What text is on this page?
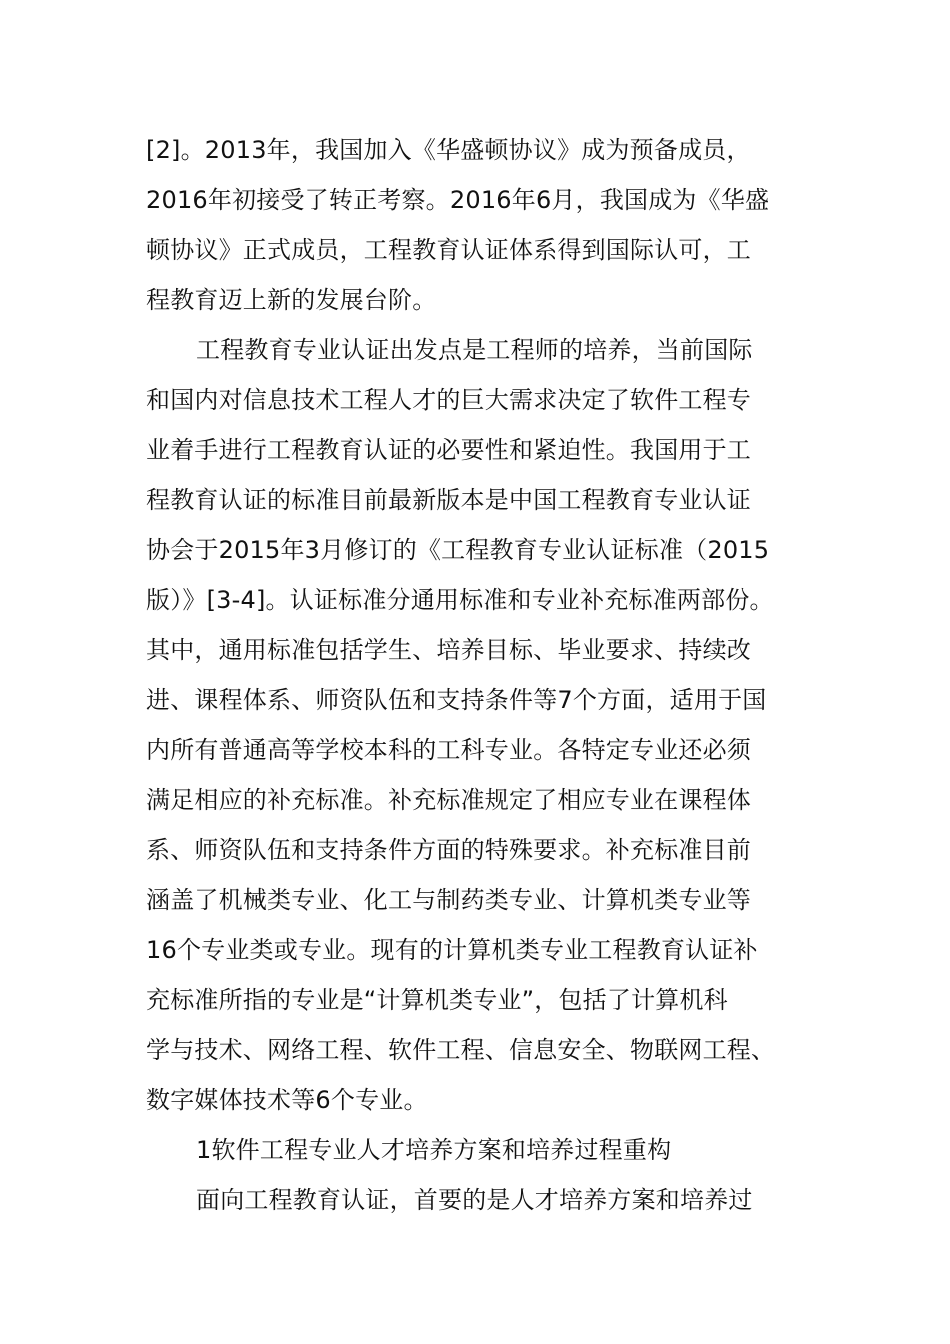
[2]。2013年，我国加入《华盛顿协议》成为预备成员，
2016年初接受了转正考察。2016年6月，我国成为《华盛
顿协议》正式成员，工程教育认证体系得到国际认可，工
程教育迈上新的发展台阶。
工程教育专业认证出发点是工程师的培养，当前国际
和国内对信息技术工程人才的巨大需求决定了软件工程专
业着手进行工程教育认证的必要性和紧迫性。我国用于工
程教育认证的标准目前最新版本是中国工程教育专业认证
协会于2015年3月修订的《工程教育专业认证标准（2015
版）》[3-4]。认证标准分通用标准和专业补充标准两部份。
其中，通用标准包括学生、培养目标、毕业要求、持续改
进、课程体系、师资队伍和支持条件等7个方面，适用于国
内所有普通高等学校本科的工科专业。各特定专业还必须
满足相应的补充标准。补充标准规定了相应专业在课程体
系、师资队伍和支持条件方面的特殊要求。补充标准目前
涵盖了机械类专业、化工与制药类专业、计算机类专业等
16个专业类或专业。现有的计算机类专业工程教育认证补
充标准所指的专业是“计算机类专业”，包括了计算机科
学与技术、网络工程、软件工程、信息安全、物联网工程、
数字媒体技术等6个专业。
1软件工程专业人才培养方案和培养过程重构
面向工程教育认证，首要的是人才培养方案和培养过
